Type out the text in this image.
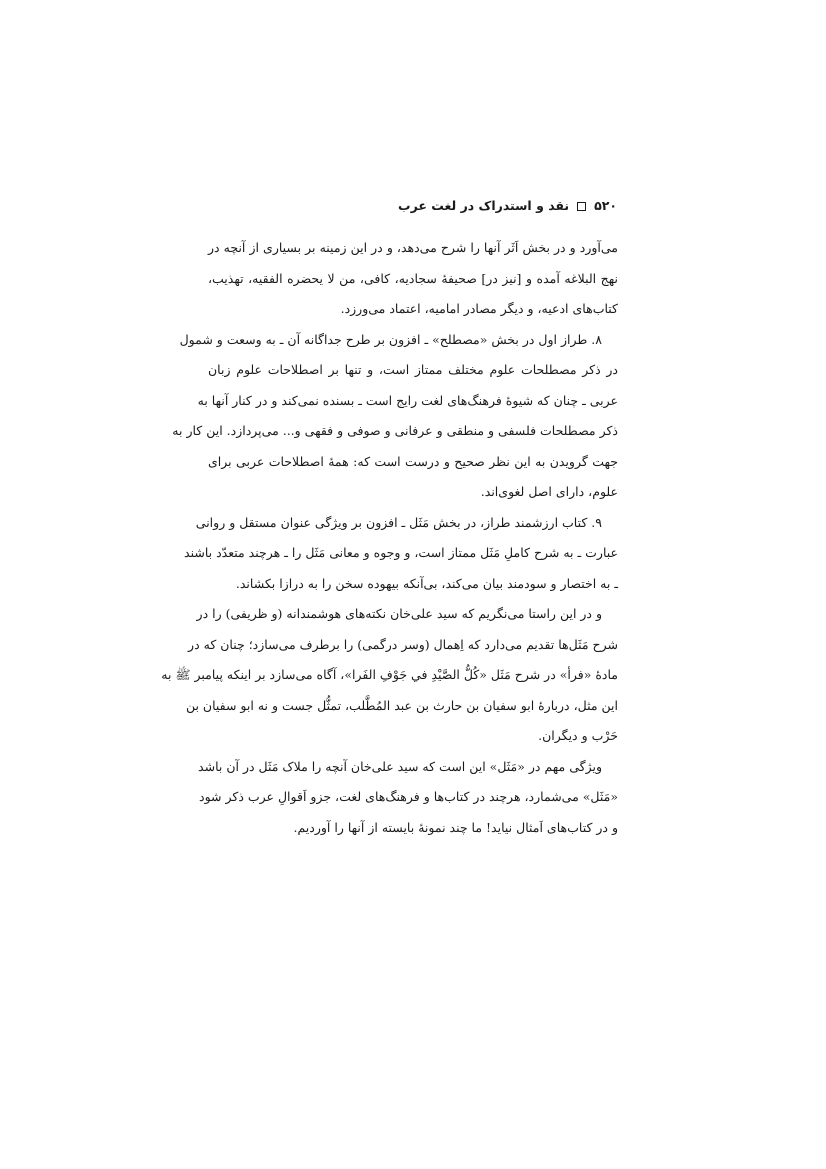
۵۲۰
نقد و استدراک در لغت عرب
می‌آورد و در بخش اَثَر آنها را شرح می‌دهد، و در این زمینه بر بسیاری از آنچه در
نهج البلاغه آمده و [نیز در] صحیفهٔ سجادیه، کافی، من لا یحضره الفقیه، تهذیب،
کتاب‌های ادعیه، و دیگر مصادر امامیه، اعتماد می‌ورزد.
۸. طراز اول در بخش «مصطلح» ـ افزون بر طرح جداگانه آن ـ به وسعت و شمول
در ذکر مصطلحات علوم مختلف ممتاز است، و تنها بر اصطلاحات علوم زبان
عربی ـ چنان که شیوهٔ فرهنگ‌های لغت رایج است ـ بسنده نمی‌کند و در کنار آنها به
ذکر مصطلحات فلسفی و منطقی و عرفانی و صوفی و فقهی و... می‌پردازد. این کار به
جهت گرویدن به این نظر صحیح و درست است که: همهٔ اصطلاحات عربی برای
علوم، دارای اصل لغوی‌اند.
۹. کتاب ارزشمند طراز، در بخش مَثَل ـ افزون بر ویژگی عنوان مستقل و روانی
عبارت ـ به شرح کاملِ مَثَل ممتاز است، و وجوه و معانی مَثَل را ـ هرچند متعدّد باشند
ـ به اختصار و سودمند بیان می‌کند، بی‌آنکه بیهوده سخن را به درازا بکشاند.
و در این راستا می‌نگریم که سید علی‌خان نکته‌های هوشمندانه (و ظریفی) را در
شرح مَثَل‌ها تقدیم می‌دارد که اِهمال (وسر درگمی) را برطرف می‌سازد؛ چنان که در
مادهٔ «فرأ» در شرح مَثَل «كُلُّ الصَّيْدِ في جَوْفِ الفَرا»، آگاه می‌سازد بر اینکه پیامبر ﷺ به
این مثل، دربارهٔ ابو سفیان بن حارث بن عبد المُطَّلب، تمثُّل جست و نه ابو سفیان بن
حَرْب و دیگران.
ویژگی مهم در «مَثَل» این است که سید علی‌خان آنچه را ملاک مَثَل در آن باشد
«مَثَل» می‌شمارد، هرچند در کتاب‌ها و فرهنگ‌های لغت، جزو اَقوالِ عرب ذکر شود
و در کتاب‌های اَمثال نیاید! ما چند نمونهٔ بایسته از آنها را آوردیم.
